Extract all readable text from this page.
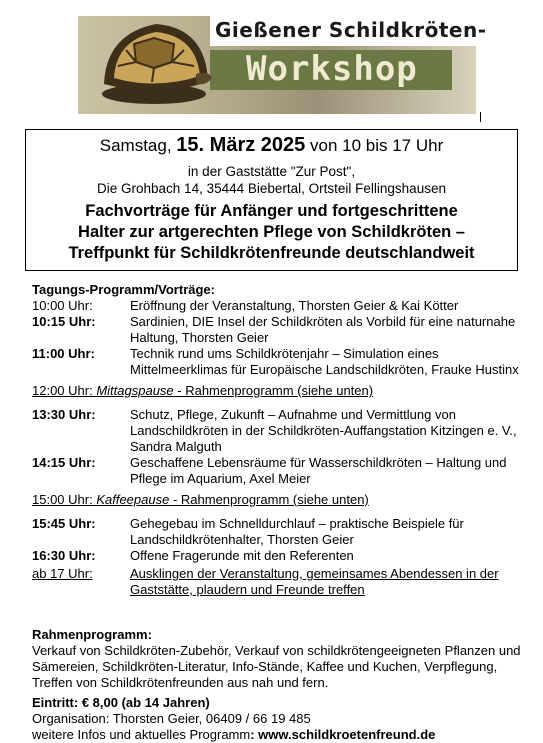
Gießener Schildkröten-
Workshop
Samstag, 15. März 2025 von 10 bis 17 Uhr
in der Gaststätte "Zur Post",
Die Grohbach 14, 35444 Biebertal, Ortsteil Fellingshausen
Fachvorträge für Anfänger und fortgeschrittene
Halter zur artgerechten Pflege von Schildkröten –
Treffpunkt für Schildkrötenfreunde deutschlandweit
Tagungs-Programm/Vorträge:
10:00 Uhr:	Eröffnung der Veranstaltung, Thorsten Geier & Kai Kötter
10:15 Uhr:	Sardinien, DIE Insel der Schildkröten als Vorbild für eine naturnahe Haltung, Thorsten Geier
11:00 Uhr:	Technik rund ums Schildkrötenjahr – Simulation eines Mittelmeerklimas für Europäische Landschildkröten, Frauke Hustinx
12:00 Uhr: Mittagspause - Rahmenprogramm (siehe unten)
13:30 Uhr:	Schutz, Pflege, Zukunft – Aufnahme und Vermittlung von Landschildkröten in der Schildkröten-Auffangstation Kitzingen e. V., Sandra Malguth
14:15 Uhr:	Geschaffene Lebensräume für Wasserschildkröten – Haltung und Pflege im Aquarium, Axel Meier
15:00 Uhr: Kaffeepause - Rahmenprogramm (siehe unten)
15:45 Uhr:	Gehegebau im Schnelldurchlauf – praktische Beispiele für Landschildkrötenhalter, Thorsten Geier
16:30 Uhr:	Offene Fragerunde mit den Referenten
ab 17 Uhr:	Ausklingen der Veranstaltung, gemeinsames Abendessen in der Gaststätte, plaudern und Freunde treffen
Rahmenprogramm:
Verkauf von Schildkröten-Zubehör, Verkauf von schildkrötengeeigneten Pflanzen und Sämereien, Schildkröten-Literatur, Info-Stände, Kaffee und Kuchen, Verpflegung, Treffen von Schildkrötenfreunden aus nah und fern.
Eintritt: € 8,00 (ab 14 Jahren)
Organisation: Thorsten Geier, 06409 / 66 19 485
weitere Infos und aktuelles Programm: www.schildkroetenfreund.de
